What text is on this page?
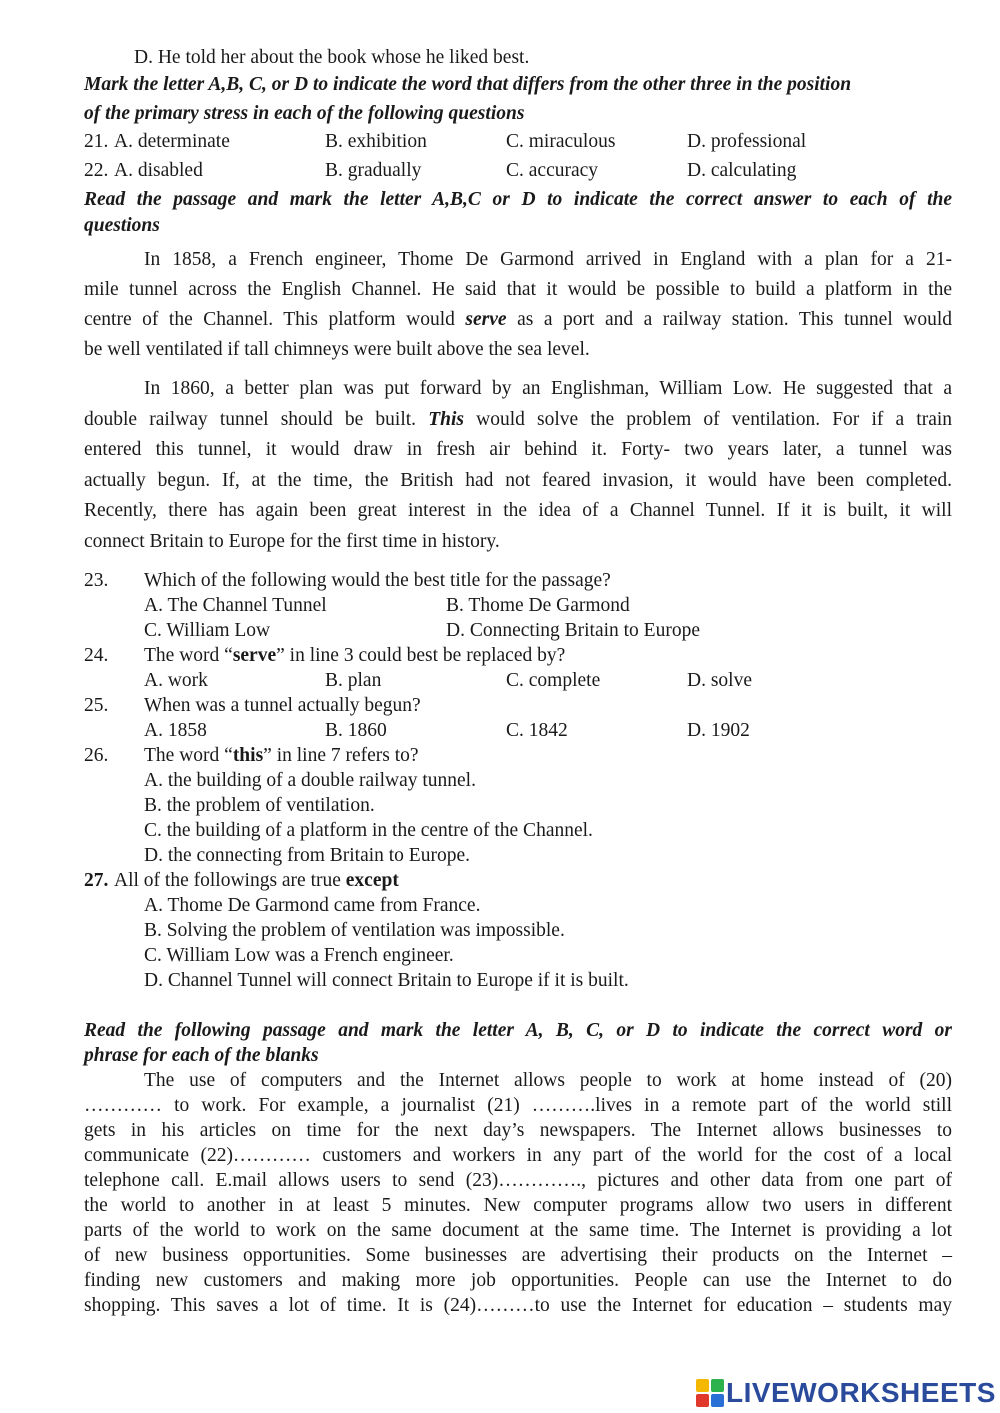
D. He told her about the book whose he liked best.
Mark the letter A,B, C, or D to indicate the word that differs from the other three in the position
of the primary stress in each of the following questions
21. A. determinate	B. exhibition	C. miraculous	D. professional
22. A. disabled	B. gradually	C. accuracy	D. calculating
Read the passage and mark the letter A,B,C or D to indicate the correct answer to each of the
questions
In 1858, a French engineer, Thome De Garmond arrived in England with a plan for a 21-
mile tunnel across the English Channel. He said that it would be possible to build a platform in the
centre of the Channel. This platform would serve as a port and a railway station. This tunnel would
be well ventilated if tall chimneys were built above the sea level.
In 1860, a better plan was put forward by an Englishman, William Low. He suggested that a
double railway tunnel should be built. This would solve the problem of ventilation. For if a train
entered this tunnel, it would draw in fresh air behind it. Forty- two years later, a tunnel was
actually begun. If, at the time, the British had not feared invasion, it would have been completed.
Recently, there has again been great interest in the idea of a Channel Tunnel. If it is built, it will
connect Britain to Europe for the first time in history.
23. Which of the following would the best title for the passage?
A. The Channel Tunnel	B. Thome De Garmond
C. William Low	D. Connecting Britain to Europe
24. The word “serve” in line 3 could best be replaced by?
A. work	B. plan	C. complete	D. solve
25. When was a tunnel actually begun?
A. 1858	B. 1860	C. 1842	D. 1902
26. The word “this” in line 7 refers to?
A. the building of a double railway tunnel.
B. the problem of ventilation.
C. the building of a platform in the centre of the Channel.
D. the connecting from Britain to Europe.
27. All of the followings are true except
A. Thome De Garmond came from France.
B. Solving the problem of ventilation was impossible.
C. William Low was a French engineer.
D. Channel Tunnel will connect Britain to Europe if it is built.
Read the following passage and mark the letter A, B, C, or D to indicate the correct word or
phrase for each of the blanks
The use of computers and the Internet allows people to work at home instead of (20)
………… to work. For example, a journalist (21) ……….lives in a remote part of the world still
gets in his articles on time for the next day’s newspapers. The Internet allows businesses to
communicate (22)………… customers and workers in any part of the world for the cost of a local
telephone call. E.mail allows users to send (23)…………., pictures and other data from one part of
the world to another in at least 5 minutes. New computer programs allow two users in different
parts of the world to work on the same document at the same time. The Internet is providing a lot
of new business opportunities. Some businesses are advertising their products on the Internet –
finding new customers and making more job opportunities. People can use the Internet to do
shopping. This saves a lot of time. It is (24)………to use the Internet for education – students may
LIVEWORKSHEETS
